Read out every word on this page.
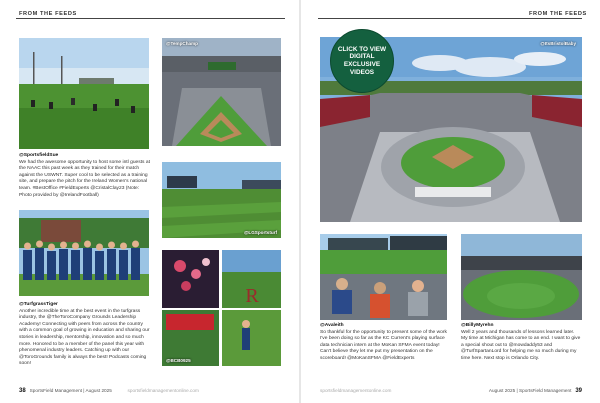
FROM THE FEEDS
@TempChamp
@SportsfieldSue
We had the awesome opportunity to host some intl guests at the NAAC this past week as they trained for their match against the USWNT. Super cool to be selected as a training site, and prepare the pitch for the Ireland Women's national team. #BestOffice #FieldExperts @CristalClay23 (Note: Photo provided by @IrelandFootball)
@LGSportsturf
R
@BCB0925
@TurfgrassTiger
Another incredible time at the best event in the turfgrass industry, the @TheToroCompany Grounds Leadership Academy! Connecting with peers from across the country with a common goal of growing in education and sharing our stories in leadership, mentorship, innovation and so much more. Honored to be a member of the panel this year with phenomenal industry leaders. Catching up with our @ToroGrounds family is always the best! Podcasts coming soon!
38 SportsField Management | August 2025	sportsfieldmanagementonline.com
FROM THE FEEDS
@ItsBristolBaby
CLICK TO VIEW DIGITAL EXCLUSIVE VIDEOS
@Avaleith
So thankful for the opportunity to present some of the work I've been doing so far as the KC Current's playing surface data technician intern at the MoKan SFMA event today! Can't believe they let me put my presentation on the scoreboard! @MoKanSFMA @FieldExperts
@BillyMyrehn
Well 2 years and thousands of lessons learned later. My time at Michigan has come to an end. I want to give a special shout out to @mowdaddy53 and @TurfSpartanLord for helping me so much during my time here. Next stop is Orlando City.
sportsfieldmanagementonline.com	August 2025 | SportsField Management 39
